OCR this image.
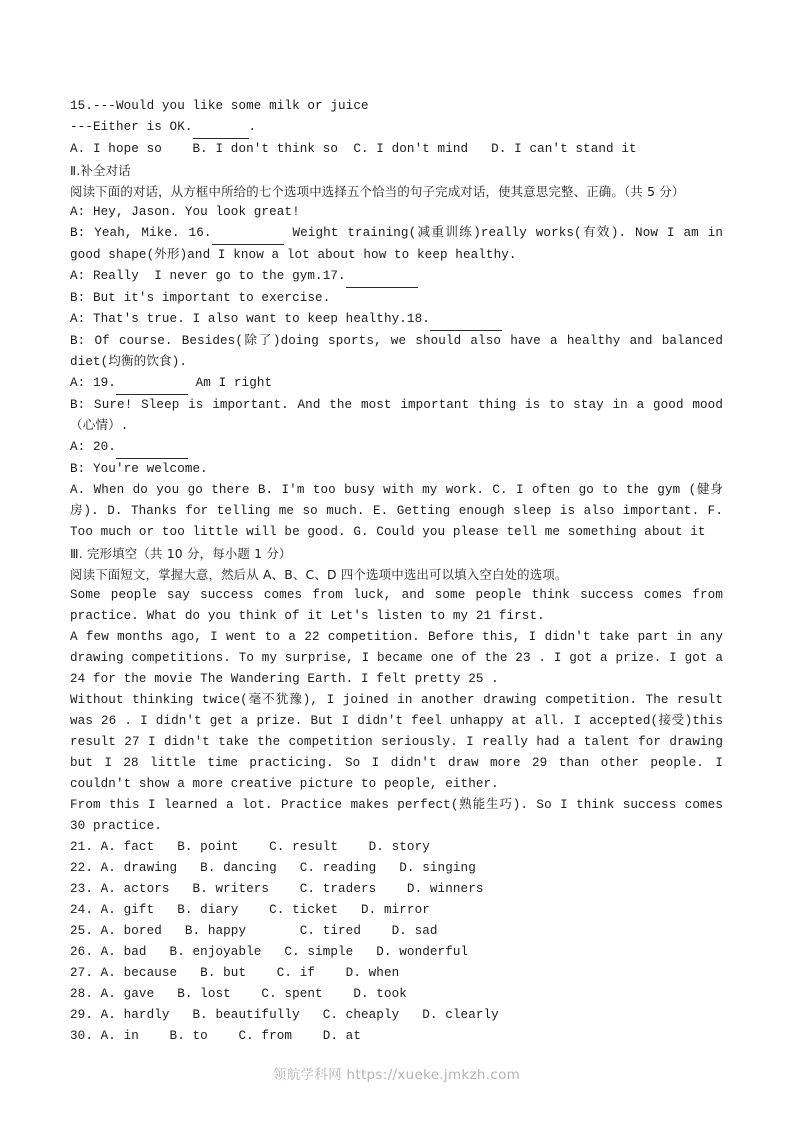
15.---Would you like some milk or juice
---Either is OK.	.
A. I hope so    B. I don't think so  C. I don't mind   D. I can't stand it
Ⅱ.补全对话

阅读下面的对话，从方框中所给的七个选项中选择五个恰当的句子完成对话，使其意思完整、正确。（共 5 分）

A: Hey, Jason. You look great!

B: Yeah, Mike. 16.	Weight training(减重训练)really works(有效). Now I am in good shape(外形)and I know a lot about how to keep healthy.

A: Really  I never go to the gym.17.
B: But it's important to exercise.
A: That's true. I also want to keep healthy.18.

B: Of course. Besides(除了)doing sports, we should also have a healthy and balanced diet(均衡的饮食).

A: 19.	Am I right

B: Sure! Sleep is important. And the most important thing is to stay in a good mood （心情）.

A: 20.
B: You're welcome.

A. When do you go there B. I'm too busy with my work. C. I often go to the gym (健身房). D. Thanks for telling me so much. E. Getting enough sleep is also important. F. Too much or too little will be good. G. Could you please tell me something about it

Ⅲ. 完形填空（共 10 分，每小题 1 分）

阅读下面短文，掌握大意，然后从 A、B、C、D 四个选项中选出可以填入空白处的选项。

Some people say success comes from luck, and some people think success comes from practice. What do you think of it Let's listen to my 21 first.

A few months ago, I went to a 22 competition. Before this, I didn't take part in any drawing competitions. To my surprise, I became one of the 23 . I got a prize. I got a 24 for the movie The Wandering Earth. I felt pretty 25 .

Without thinking twice(毫不犹豫), I joined in another drawing competition. The result was 26 . I didn't get a prize. But I didn't feel unhappy at all. I accepted(接受)this result 27 I didn't take the competition seriously. I really had a talent for drawing but I 28 little time practicing. So I didn't draw more 29 than other people. I couldn't show a more creative picture to people, either.

From this I learned a lot. Practice makes perfect(熟能生巧). So I think success comes 30 practice.

21. A. fact   B. point    C. result    D. story
22. A. drawing   B. dancing   C. reading   D. singing
23. A. actors   B. writers    C. traders    D. winners
24. A. gift   B. diary    C. ticket   D. mirror
25. A. bored   B. happy       C. tired    D. sad
26. A. bad   B. enjoyable   C. simple   D. wonderful
27. A. because   B. but    C. if    D. when
28. A. gave   B. lost    C. spent    D. took
29. A. hardly   B. beautifully   C. cheaply   D. clearly
30. A. in    B. to    C. from    D. at
领航学科网 https://xueke.jmkzh.com
